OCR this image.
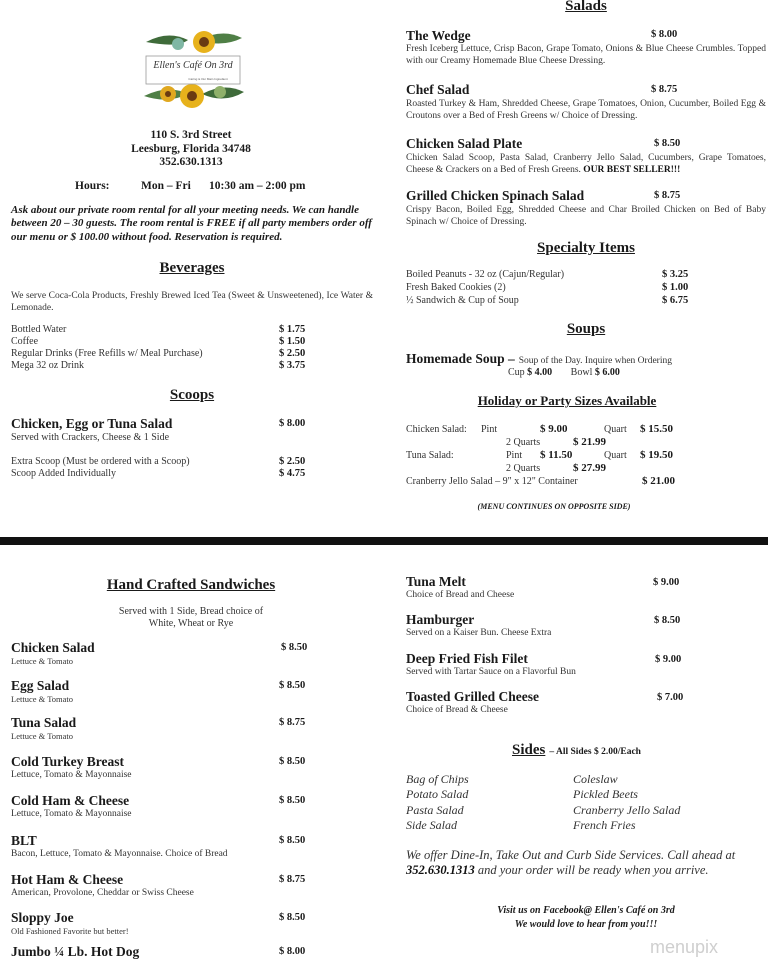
Ellen's Café On 3rd
Caring is Our Main Ingredient
110 S. 3rd Street
Leesburg, Florida 34748
352.630.1313
Hours:	Mon – Fri 10:30 am – 2:00 pm
Ask about our private room rental for all your meeting needs. We can handle between 20 – 30 guests. The room rental is FREE if all party members order off our menu or $ 100.00 without food. Reservation is required.
Beverages
We serve Coca-Cola Products, Freshly Brewed Iced Tea (Sweet & Unsweetened), Ice Water & Lemonade.
Bottled Water	$ 1.75
Coffee	$ 1.50
Regular Drinks (Free Refills w/ Meal Purchase)	$ 2.50
Mega 32 oz Drink	$ 3.75
Scoops
Chicken, Egg or Tuna Salad	$ 8.00
Served with Crackers, Cheese & 1 Side
Extra Scoop (Must be ordered with a Scoop)	$ 2.50
Scoop Added Individually	$ 4.75
Salads
The Wedge	$ 8.00
Fresh Iceberg Lettuce, Crisp Bacon, Grape Tomato, Onions & Blue Cheese Crumbles. Topped with our Creamy Homemade Blue Cheese Dressing.
Chef Salad	$ 8.75
Roasted Turkey & Ham, Shredded Cheese, Grape Tomatoes, Onion, Cucumber, Boiled Egg & Croutons over a Bed of Fresh Greens w/ Choice of Dressing.
Chicken Salad Plate	$ 8.50
Chicken Salad Scoop, Pasta Salad, Cranberry Jello Salad, Cucumbers, Grape Tomatoes, Cheese & Crackers on a Bed of Fresh Greens. OUR BEST SELLER!!!
Grilled Chicken Spinach Salad	$ 8.75
Crispy Bacon, Boiled Egg, Shredded Cheese and Char Broiled Chicken on Bed of Baby Spinach w/ Choice of Dressing.
Specialty Items
Boiled Peanuts - 32 oz (Cajun/Regular)	$ 3.25
Fresh Baked Cookies (2)	$ 1.00
½ Sandwich & Cup of Soup	$ 6.75
Soups
Homemade Soup – Soup of the Day. Inquire when Ordering
Cup $ 4.00 Bowl $ 6.00
Holiday or Party Sizes Available
Chicken Salad: Pint	$ 9.00	Quart $ 15.50
2 Quarts	$ 21.99
Tuna Salad:	Pint $ 11.50	Quart $ 19.50
2 Quarts	$ 27.99
Cranberry Jello Salad – 9" x 12" Container	$ 21.00
(MENU CONTINUES ON OPPOSITE SIDE)
Hand Crafted Sandwiches
Served with 1 Side, Bread choice of
White, Wheat or Rye
Chicken Salad
Lettuce & Tomato
$ 8.50
Egg Salad
Lettuce & Tomato
$ 8.50
Tuna Salad
Lettuce & Tomato
$ 8.75
Cold Turkey Breast
Lettuce, Tomato & Mayonnaise
$ 8.50
Cold Ham & Cheese
Lettuce, Tomato & Mayonnaise
$ 8.50
BLT
Bacon, Lettuce, Tomato & Mayonnaise. Choice of Bread
$ 8.50
Hot Ham & Cheese
American, Provolone, Cheddar or Swiss Cheese
$ 8.75
Sloppy Joe
Old Fashioned Favorite but better!
$ 8.50
Jumbo ¼ Lb. Hot Dog	$ 8.00
Tuna Melt
Choice of Bread and Cheese
$ 9.00
Hamburger
Served on a Kaiser Bun. Cheese Extra
$ 8.50
Deep Fried Fish Filet
Served with Tartar Sauce on a Flavorful Bun
$ 9.00
Toasted Grilled Cheese
Choice of Bread & Cheese
$ 7.00
Sides – All Sides $ 2.00/Each
Bag of Chips
Potato Salad
Pasta Salad
Side Salad
Coleslaw
Pickled Beets
Cranberry Jello Salad
French Fries
We offer Dine-In, Take Out and Curb Side Services. Call ahead at
352.630.1313 and your order will be ready when you arrive.
Visit us on Facebook@ Ellen's Café on 3rd
We would love to hear from you!!!
menupix
